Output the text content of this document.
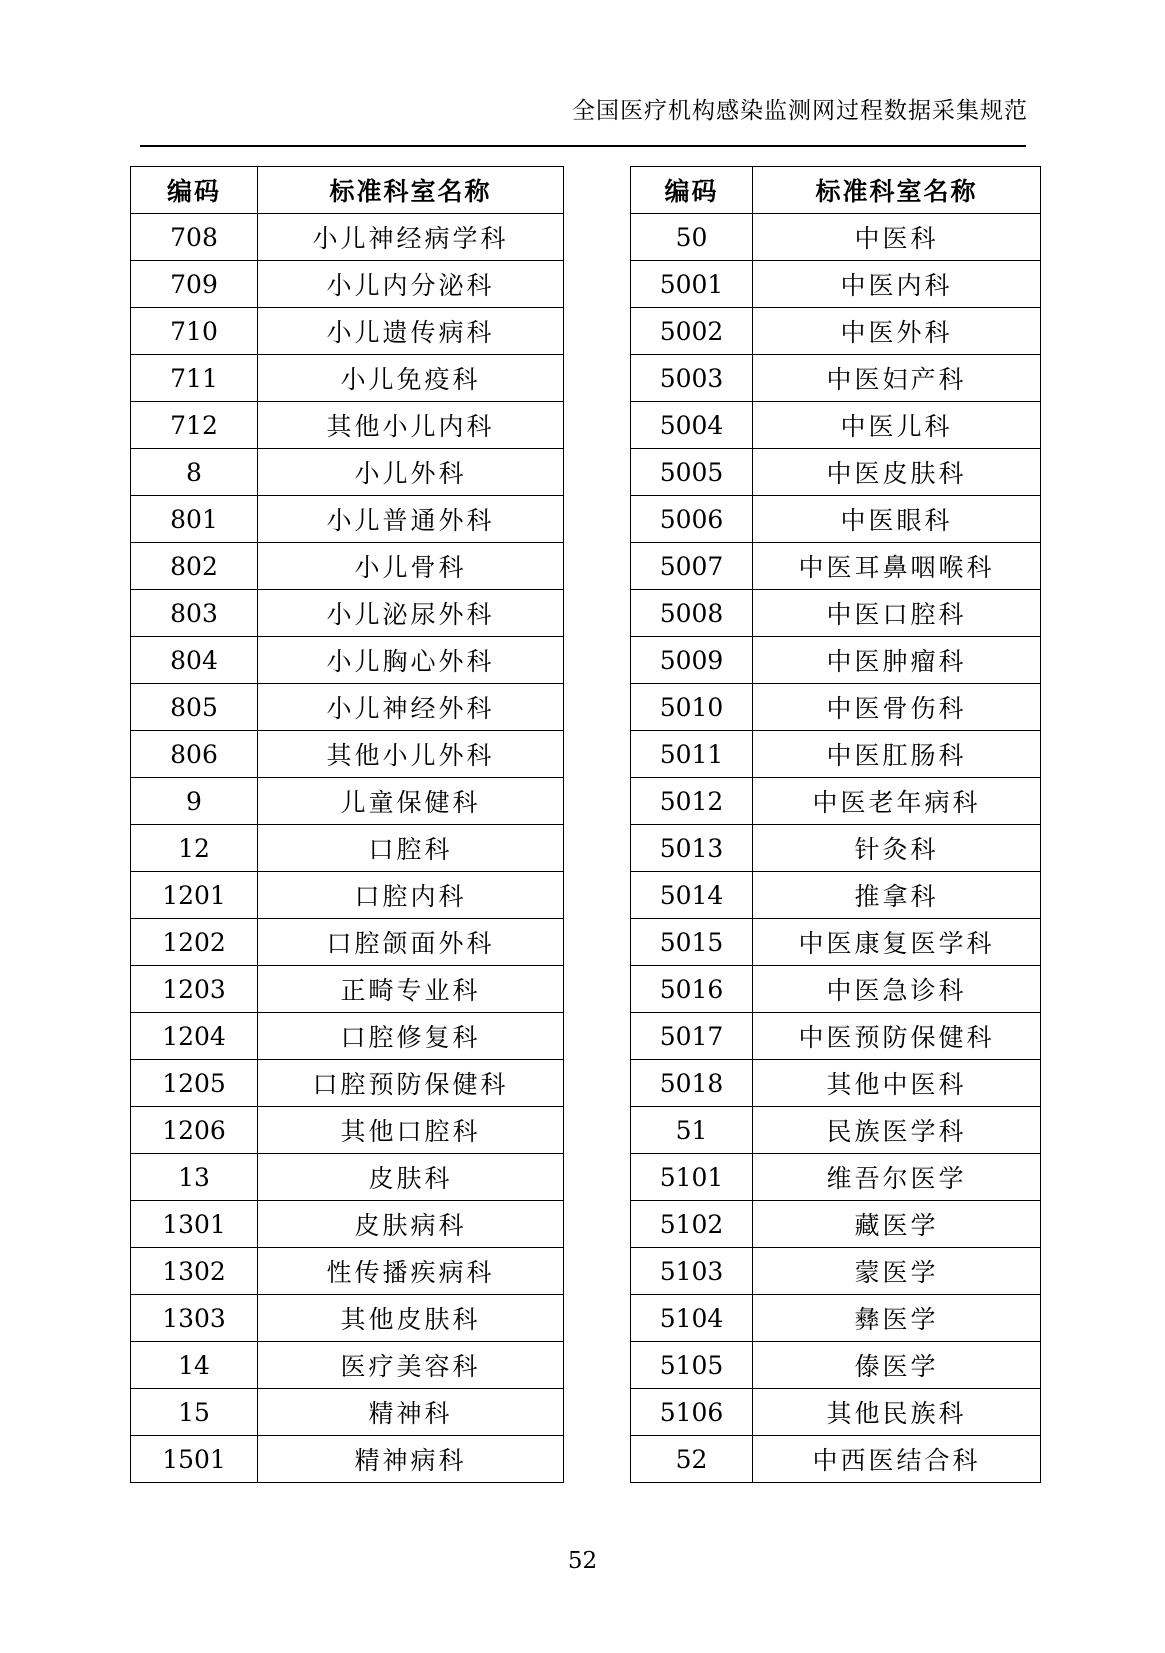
全国医疗机构感染监测网过程数据采集规范
编码	标准科室名称
708	小儿神经病学科
709	小儿内分泌科
710	小儿遗传病科
711	小儿免疫科
712	其他小儿内科
8	小儿外科
801	小儿普通外科
802	小儿骨科
803	小儿泌尿外科
804	小儿胸心外科
805	小儿神经外科
806	其他小儿外科
9	儿童保健科
12	口腔科
1201	口腔内科
1202	口腔颌面外科
1203	正畸专业科
1204	口腔修复科
1205	口腔预防保健科
1206	其他口腔科
13	皮肤科
1301	皮肤病科
1302	性传播疾病科
1303	其他皮肤科
14	医疗美容科
15	精神科
1501	精神病科
编码	标准科室名称
50	中医科
5001	中医内科
5002	中医外科
5003	中医妇产科
5004	中医儿科
5005	中医皮肤科
5006	中医眼科
5007	中医耳鼻咽喉科
5008	中医口腔科
5009	中医肿瘤科
5010	中医骨伤科
5011	中医肛肠科
5012	中医老年病科
5013	针灸科
5014	推拿科
5015	中医康复医学科
5016	中医急诊科
5017	中医预防保健科
5018	其他中医科
51	民族医学科
5101	维吾尔医学
5102	藏医学
5103	蒙医学
5104	彝医学
5105	傣医学
5106	其他民族科
52	中西医结合科
52
